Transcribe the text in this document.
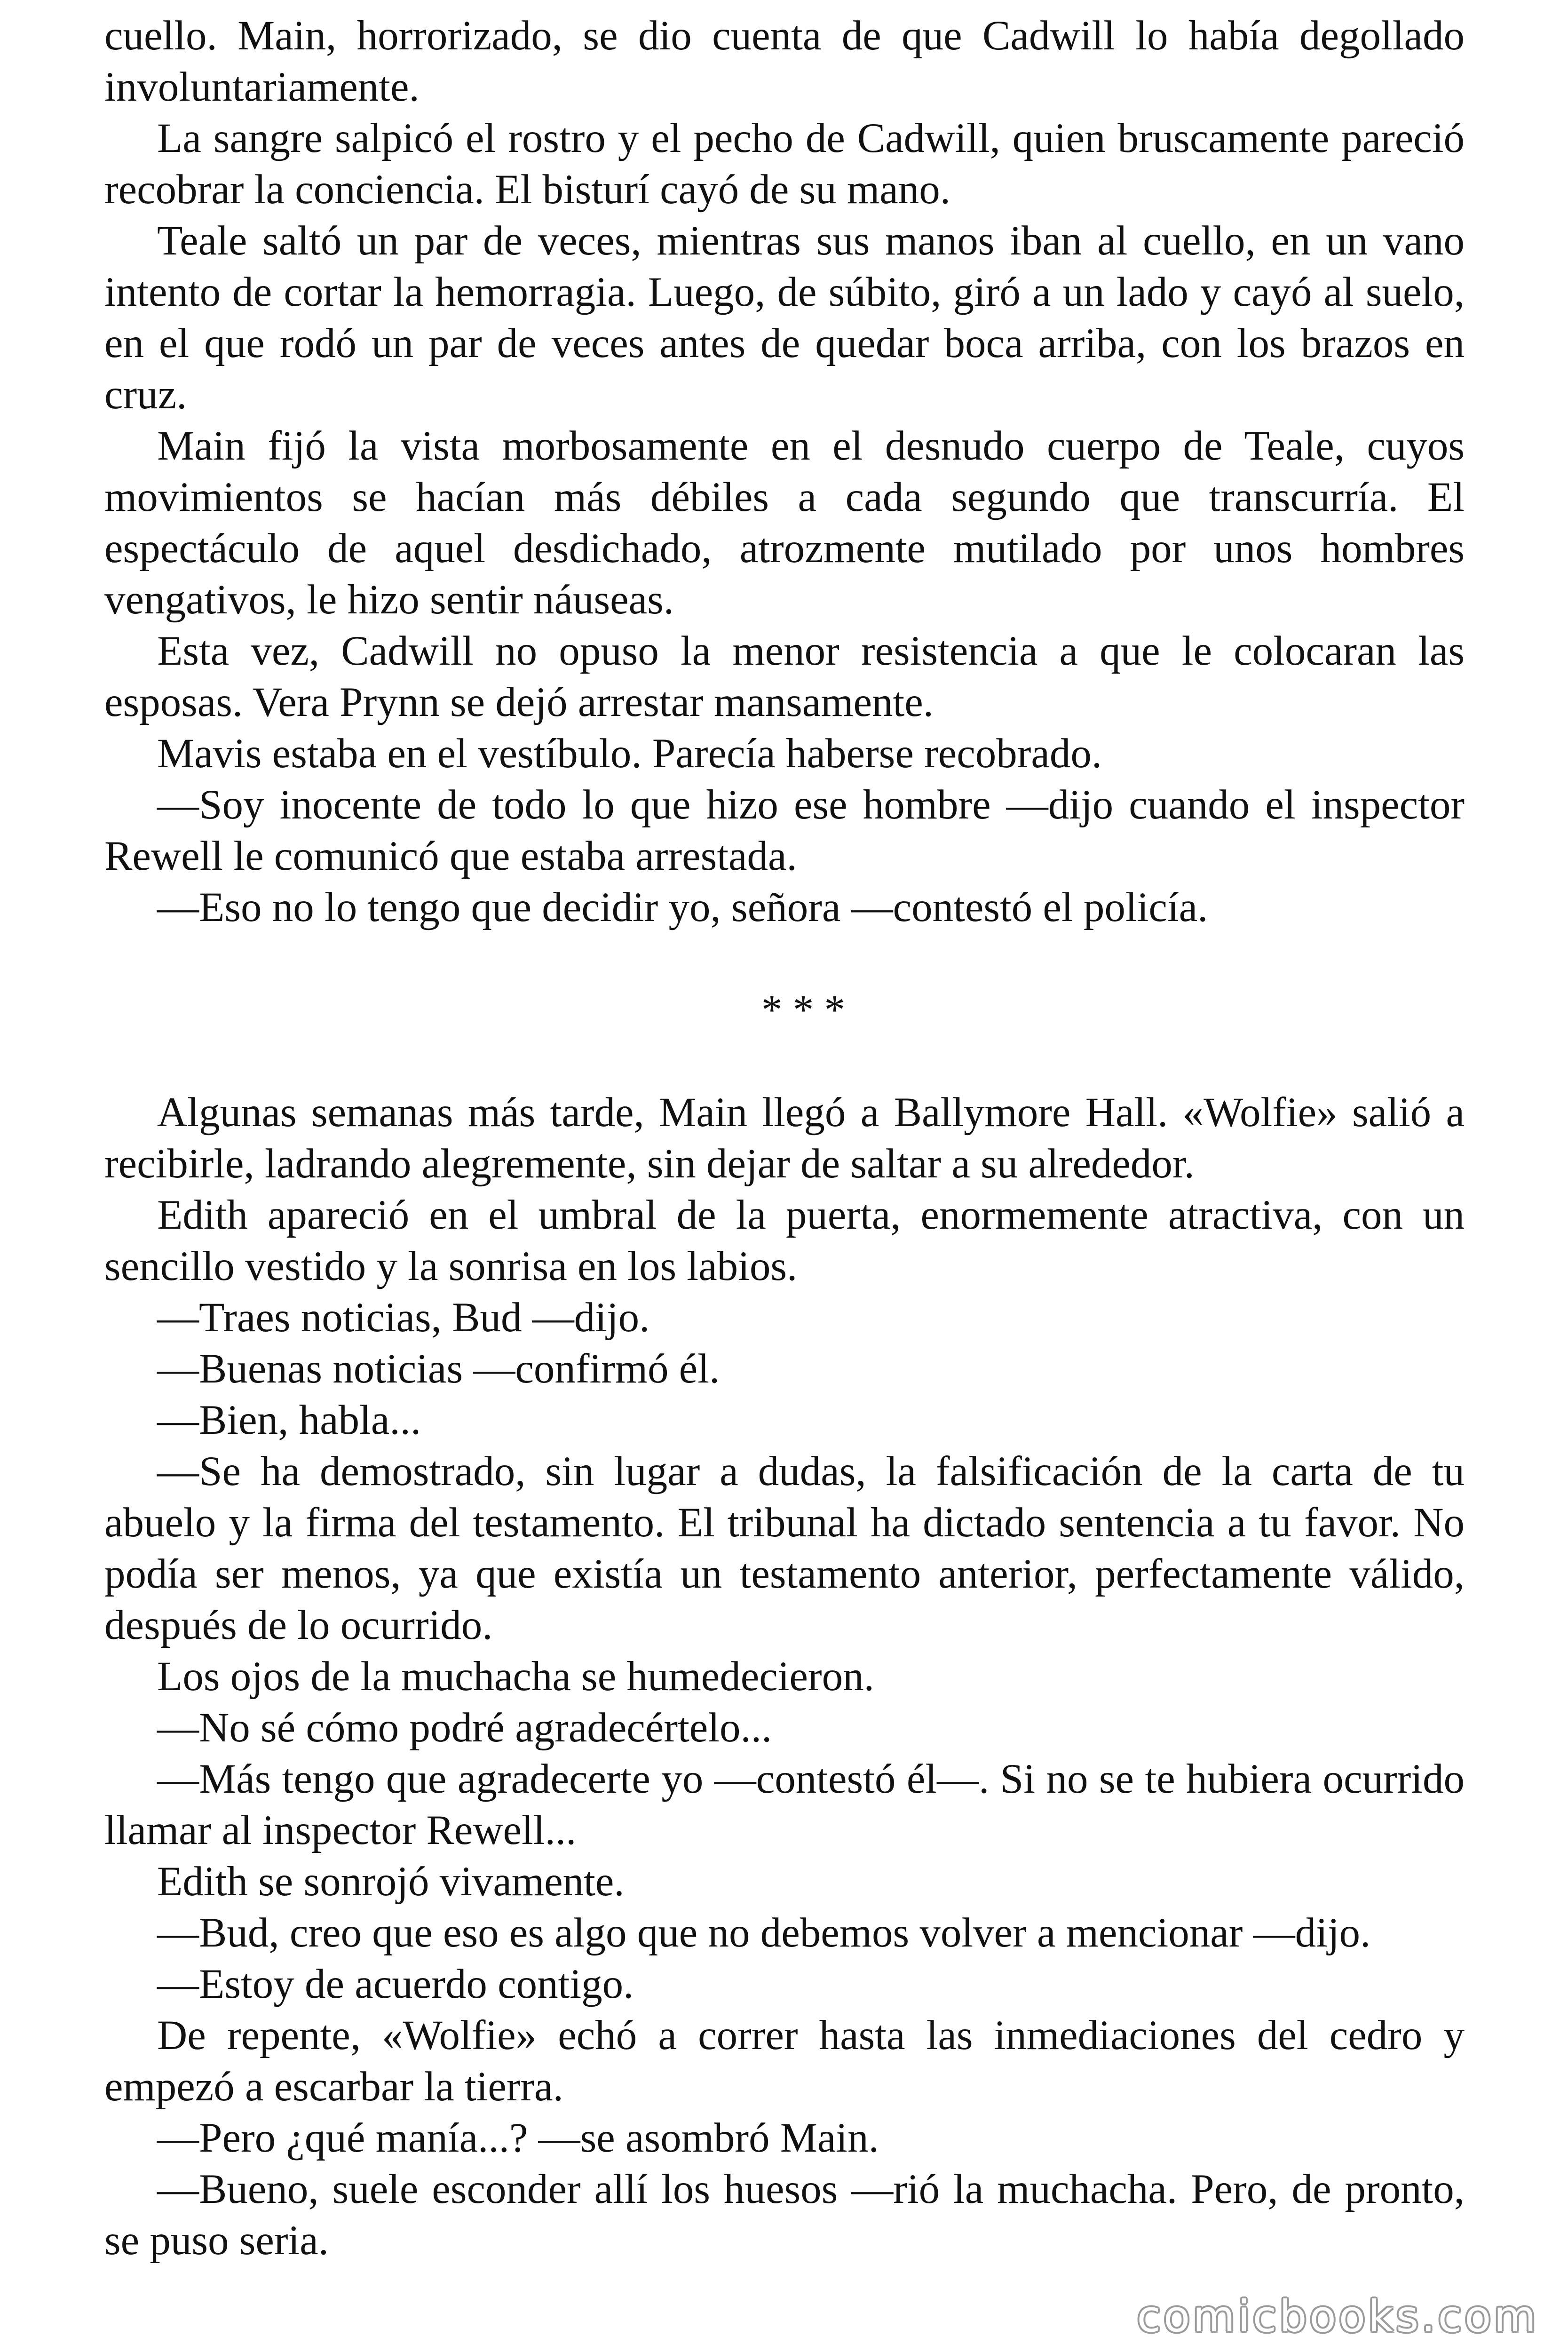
cuello. Main, horrorizado, se dio cuenta de que Cadwill lo había degollado involuntariamente.

La sangre salpicó el rostro y el pecho de Cadwill, quien bruscamente pareció recobrar la conciencia. El bisturí cayó de su mano.

Teale saltó un par de veces, mientras sus manos iban al cuello, en un vano intento de cortar la hemorragia. Luego, de súbito, giró a un lado y cayó al suelo, en el que rodó un par de veces antes de quedar boca arriba, con los brazos en cruz.

Main fijó la vista morbosamente en el desnudo cuerpo de Teale, cuyos movimientos se hacían más débiles a cada segundo que transcurría. El espectáculo de aquel desdichado, atrozmente mutilado por unos hombres vengativos, le hizo sentir náuseas.

Esta vez, Cadwill no opuso la menor resistencia a que le colocaran las esposas. Vera Prynn se dejó arrestar mansamente.

Mavis estaba en el vestíbulo. Parecía haberse recobrado.

—Soy inocente de todo lo que hizo ese hombre —dijo cuando el inspector Rewell le comunicó que estaba arrestada.

—Eso no lo tengo que decidir yo, señora —contestó el policía.

* * *

Algunas semanas más tarde, Main llegó a Ballymore Hall. «Wolfie» salió a recibirle, ladrando alegremente, sin dejar de saltar a su alrededor.

Edith apareció en el umbral de la puerta, enormemente atractiva, con un sencillo vestido y la sonrisa en los labios.

—Traes noticias, Bud —dijo.

—Buenas noticias —confirmó él.

—Bien, habla...

—Se ha demostrado, sin lugar a dudas, la falsificación de la carta de tu abuelo y la firma del testamento. El tribunal ha dictado sentencia a tu favor. No podía ser menos, ya que existía un testamento anterior, perfectamente válido, después de lo ocurrido.

Los ojos de la muchacha se humedecieron.

—No sé cómo podré agradecértelo...

—Más tengo que agradecerte yo —contestó él—. Si no se te hubiera ocurrido llamar al inspector Rewell...

Edith se sonrojó vivamente.

—Bud, creo que eso es algo que no debemos volver a mencionar —dijo.

—Estoy de acuerdo contigo.

De repente, «Wolfie» echó a correr hasta las inmediaciones del cedro y empezó a escarbar la tierra.

—Pero ¿qué manía...? —se asombró Main.

—Bueno, suele esconder allí los huesos —rió la muchacha. Pero, de pronto, se puso seria.

comicbooks.com
